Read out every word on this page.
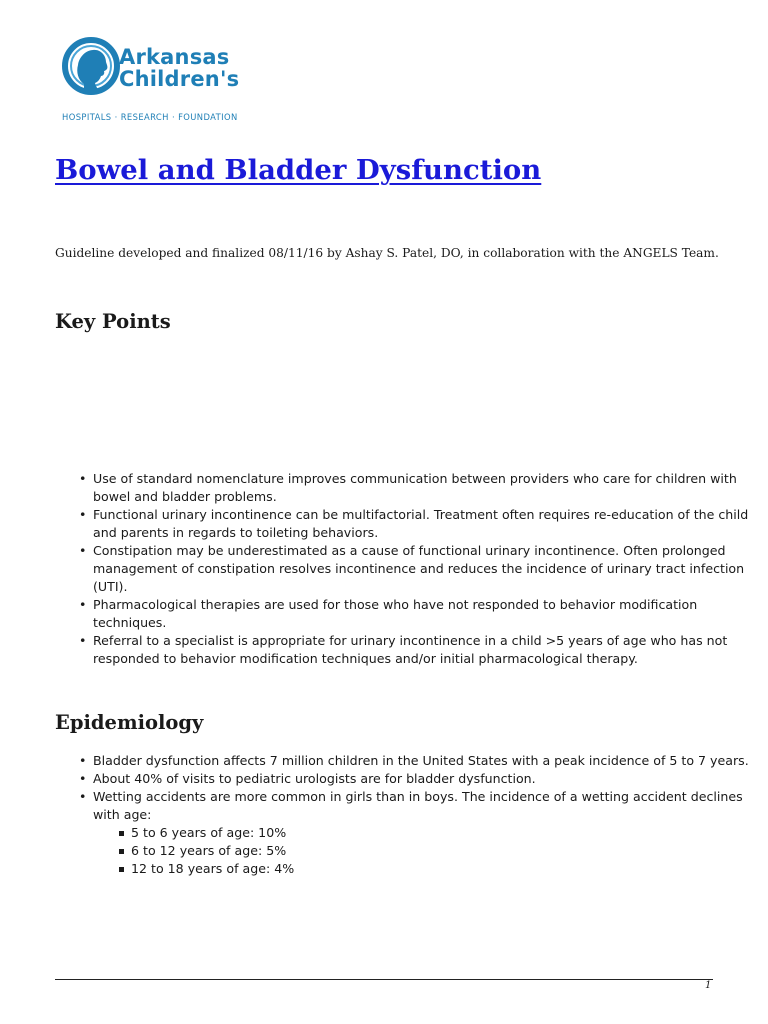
Arkansas
Children's
HOSPITALS · RESEARCH · FOUNDATION
Bowel and Bladder Dysfunction
Guideline developed and finalized 08/11/16 by Ashay S. Patel, DO, in collaboration with the ANGELS Team.
Key Points
• Use of standard nomenclature improves communication between providers who care for children with bowel and bladder problems.
• Functional urinary incontinence can be multifactorial. Treatment often requires re-education of the child and parents in regards to toileting behaviors.
• Constipation may be underestimated as a cause of functional urinary incontinence. Often prolonged management of constipation resolves incontinence and reduces the incidence of urinary tract infection (UTI).
• Pharmacological therapies are used for those who have not responded to behavior modification techniques.
• Referral to a specialist is appropriate for urinary incontinence in a child >5 years of age who has not responded to behavior modification techniques and/or initial pharmacological therapy.
Epidemiology
• Bladder dysfunction affects 7 million children in the United States with a peak incidence of 5 to 7 years.
• About 40% of visits to pediatric urologists are for bladder dysfunction.
• Wetting accidents are more common in girls than in boys. The incidence of a wetting accident declines with age:
5 to 6 years of age: 10%
6 to 12 years of age: 5%
12 to 18 years of age: 4%
1
